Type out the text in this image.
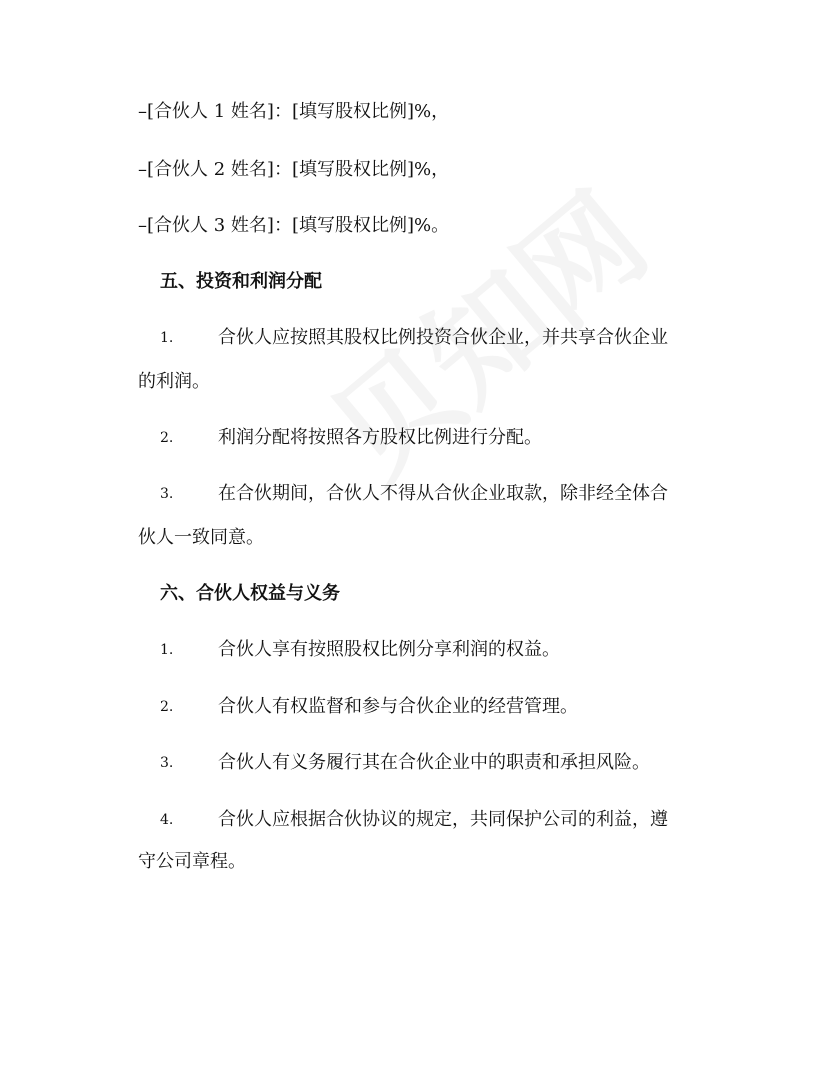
–[合伙人 1 姓名]：[填写股权比例]%，
–[合伙人 2 姓名]：[填写股权比例]%，
–[合伙人 3 姓名]：[填写股权比例]%。
五、投资和利润分配
1. 合伙人应按照其股权比例投资合伙企业，并共享合伙企业
的利润。
2. 利润分配将按照各方股权比例进行分配。
3. 在合伙期间，合伙人不得从合伙企业取款，除非经全体合
伙人一致同意。
六、合伙人权益与义务
1. 合伙人享有按照股权比例分享利润的权益。
2. 合伙人有权监督和参与合伙企业的经营管理。
3. 合伙人有义务履行其在合伙企业中的职责和承担风险。
4. 合伙人应根据合伙协议的规定，共同保护公司的利益，遵
守公司章程。
